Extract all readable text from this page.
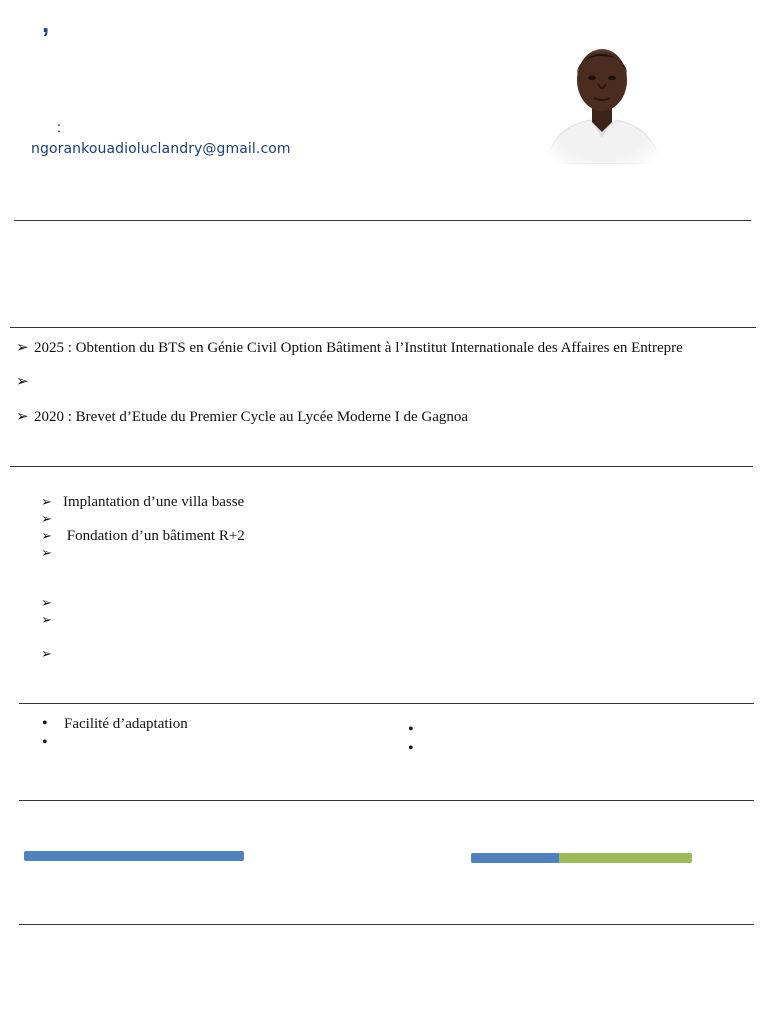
,
:
ngorankouadioluclandry@gmail.com
➢ 2025 : Obtention du BTS en Génie Civil Option Bâtiment à l’Institut Internationale des Affaires en Entrepre
➢
➢ 2020 : Brevet d’Etude du Premier Cycle au Lycée Moderne I de Gagnoa
➢ Implantation d’une villa basse
➢
➢ Fondation d’un bâtiment R+2
➢
➢
➢
➢
• Facilité d’adaptation
•
•
•
